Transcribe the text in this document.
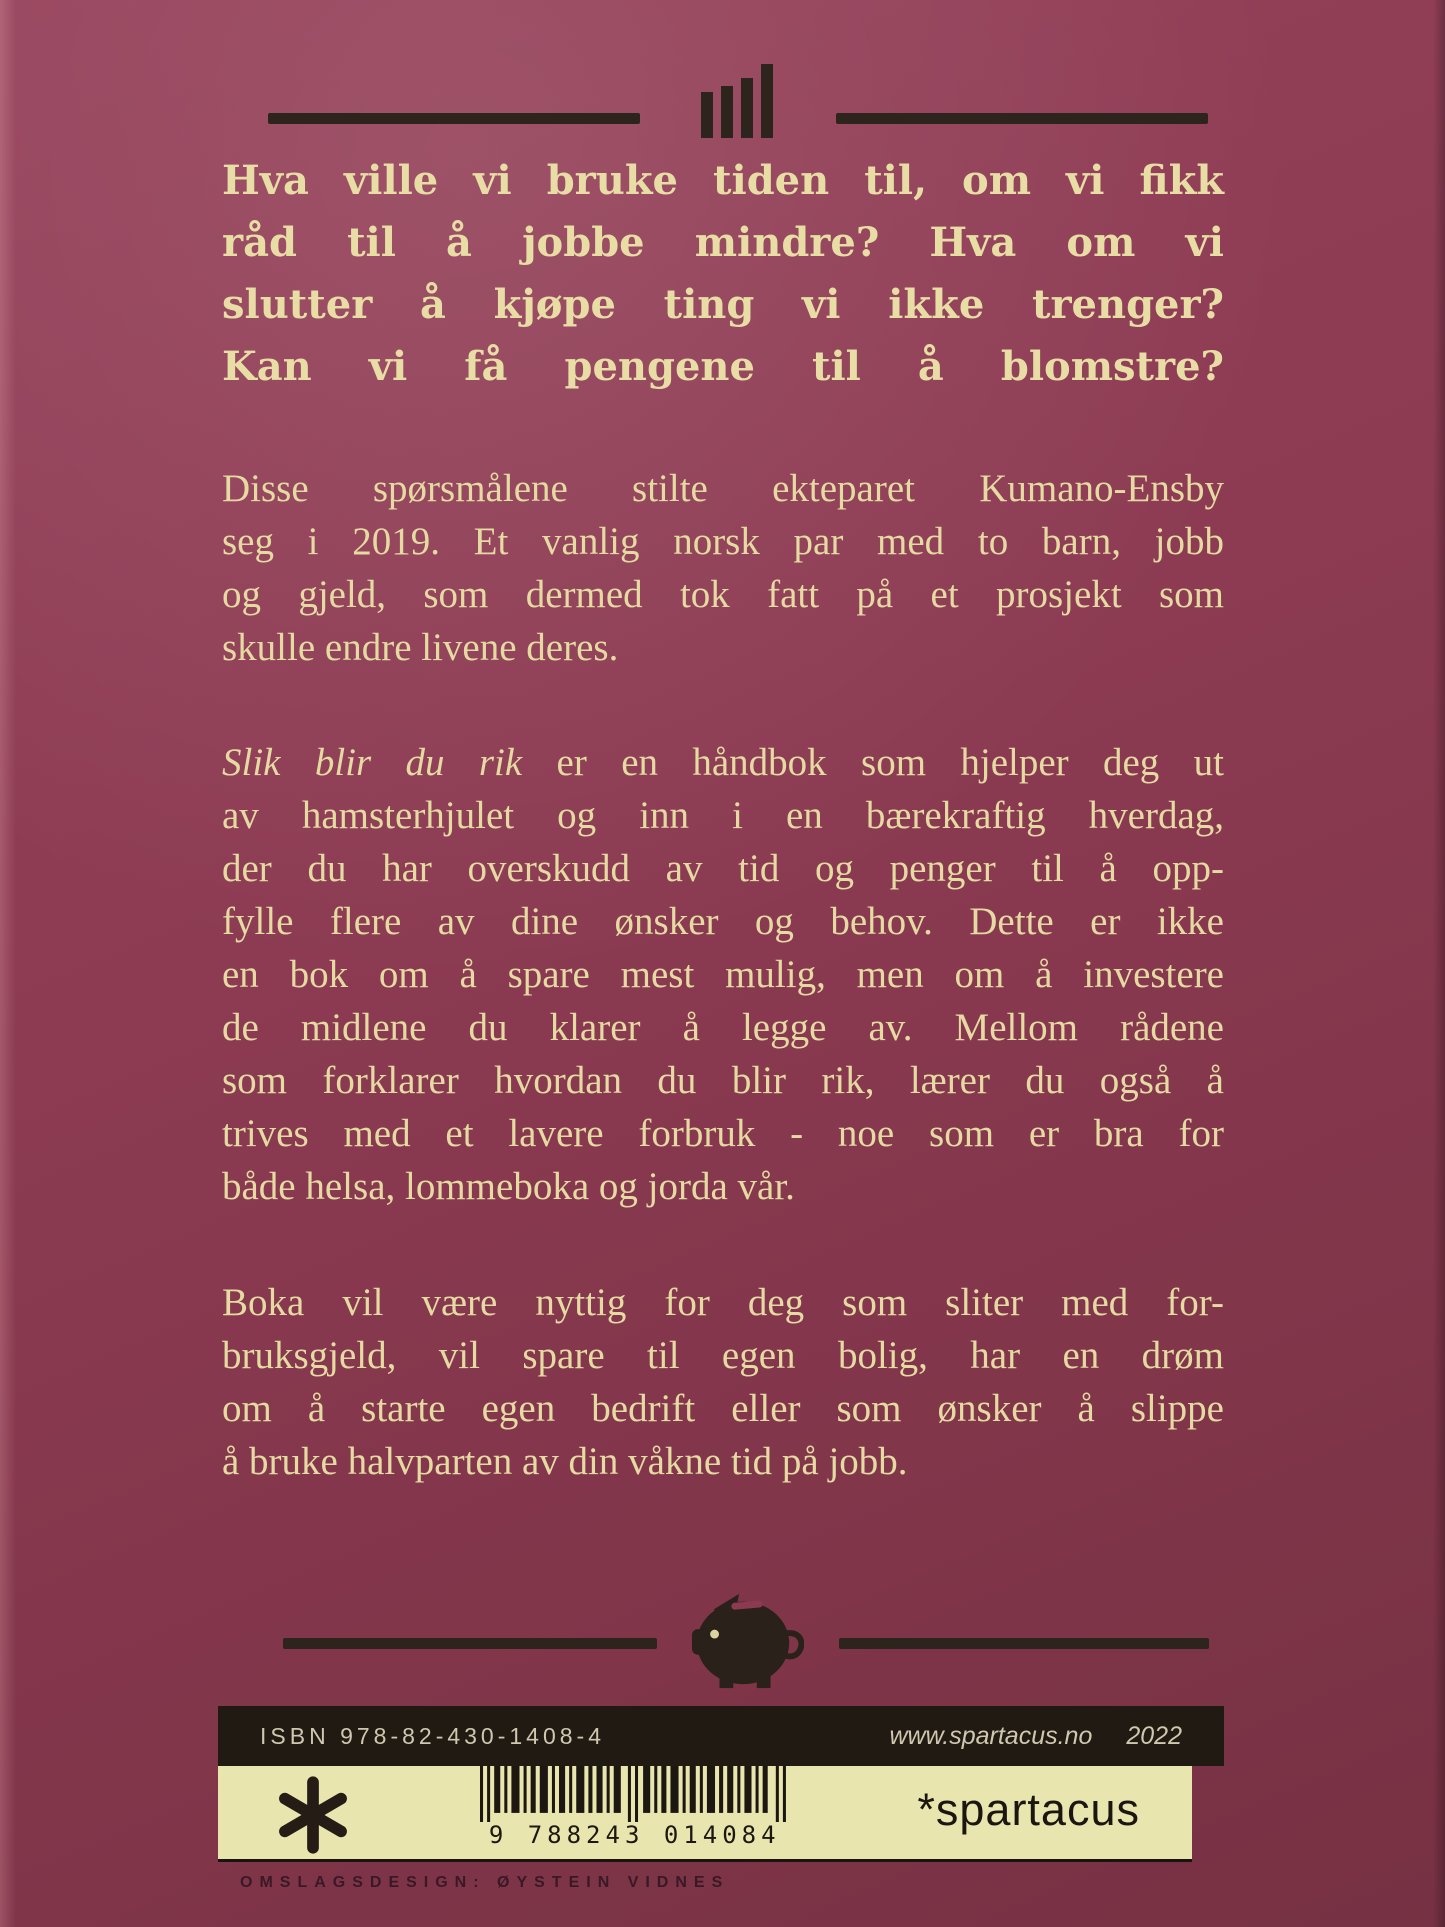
Hva ville vi bruke tiden til, om vi fikk
råd til å jobbe mindre? Hva om vi
slutter å kjøpe ting vi ikke trenger?
Kan vi få pengene til å blomstre?
Disse spørsmålene stilte ekteparet Kumano-Ensby
seg i 2019. Et vanlig norsk par med to barn, jobb
og gjeld, som dermed tok fatt på et prosjekt som
skulle endre livene deres.
Slik blir du rik er en håndbok som hjelper deg ut
av hamsterhjulet og inn i en bærekraftig hverdag,
der du har overskudd av tid og penger til å opp-
fylle flere av dine ønsker og behov. Dette er ikke
en bok om å spare mest mulig, men om å investere
de midlene du klarer å legge av. Mellom rådene
som forklarer hvordan du blir rik, lærer du også å
trives med et lavere forbruk - noe som er bra for
både helsa, lommeboka og jorda vår.
Boka vil være nyttig for deg som sliter med for-
bruksgjeld, vil spare til egen bolig, har en drøm
om å starte egen bedrift eller som ønsker å slippe
å bruke halvparten av din våkne tid på jobb.
ISBN 978-82-430-1408-4	www.spartacus.no 2022
9 788243 014084	*spartacus
OMSLAGSDESIGN: ØYSTEIN VIDNES
